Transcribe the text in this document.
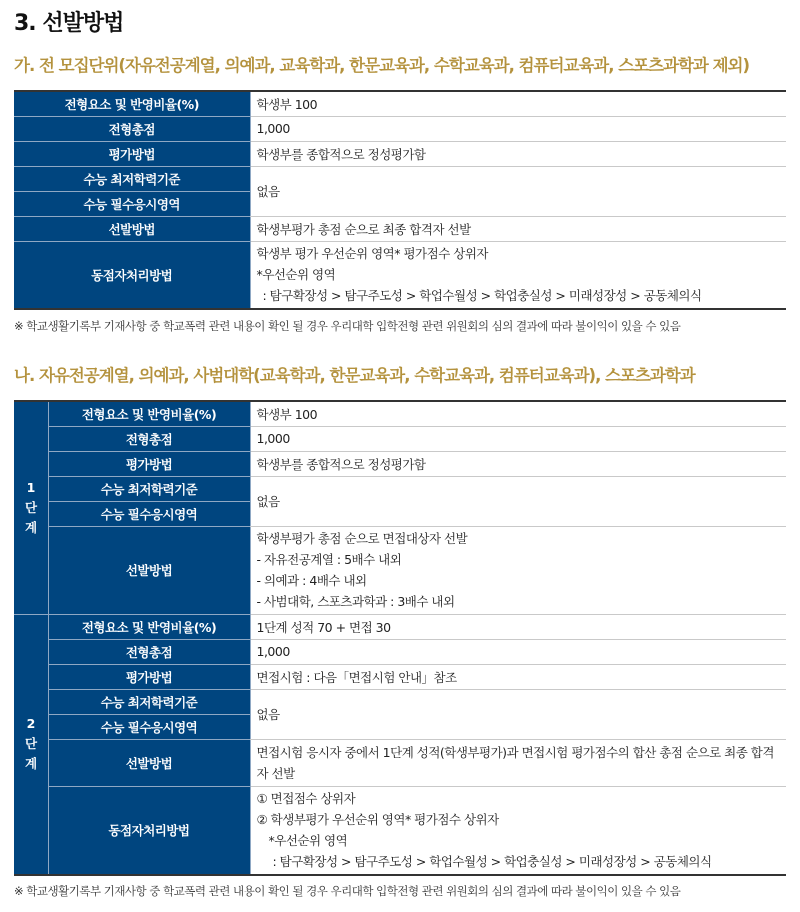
3. 선발방법
가. 전 모집단위(자유전공계열, 의예과, 교육학과, 한문교육과, 수학교육과, 컴퓨터교육과, 스포츠과학과 제외)
전형요소 및 반영비율(%)	학생부 100
전형총점	1,000
평가방법	학생부를 종합적으로 정성평가함
수능 최저학력기준	없음
수능 필수응시영역	
선발방법	학생부평가 총점 순으로 최종 합격자 선발
동점자처리방법	학생부 평가 우선순위 영역* 평가점수 상위자
*우선순위 영역
: 탐구확장성 > 탐구주도성 > 학업수월성 > 학업충실성 > 미래성장성 > 공동체의식
※ 학교생활기록부 기재사항 중 학교폭력 관련 내용이 확인 될 경우 우리대학 입학전형 관련 위원회의 심의 결과에 따라 불이익이 있을 수 있음
나. 자유전공계열, 의예과, 사범대학(교육학과, 한문교육과, 수학교육과, 컴퓨터교육과), 스포츠과학과
1
단
계	전형요소 및 반영비율(%)	학생부 100
	전형총점	1,000
	평가방법	학생부를 종합적으로 정성평가함
	수능 최저학력기준	없음
	수능 필수응시영역	
	선발방법	학생부평가 총점 순으로 면접대상자 선발
- 자유전공계열 : 5배수 내외
- 의예과 : 4배수 내외
- 사범대학, 스포츠과학과 : 3배수 내외

2
단
계	전형요소 및 반영비율(%)	1단계 성적 70 + 면접 30
	전형총점	1,000
	평가방법	면접시험 : 다음「면접시험 안내」참조
	수능 최저학력기준	없음
	수능 필수응시영역	
	선발방법	면접시험 응시자 중에서 1단계 성적(학생부평가)과 면접시험 평가점수의 합산 총점 순으로 최종 합격자 선발
	동점자처리방법	① 면접점수 상위자
② 학생부평가 우선순위 영역* 평가점수 상위자
*우선순위 영역
: 탐구확장성 > 탐구주도성 > 학업수월성 > 학업충실성 > 미래성장성 > 공동체의식
※ 학교생활기록부 기재사항 중 학교폭력 관련 내용이 확인 될 경우 우리대학 입학전형 관련 위원회의 심의 결과에 따라 불이익이 있을 수 있음
